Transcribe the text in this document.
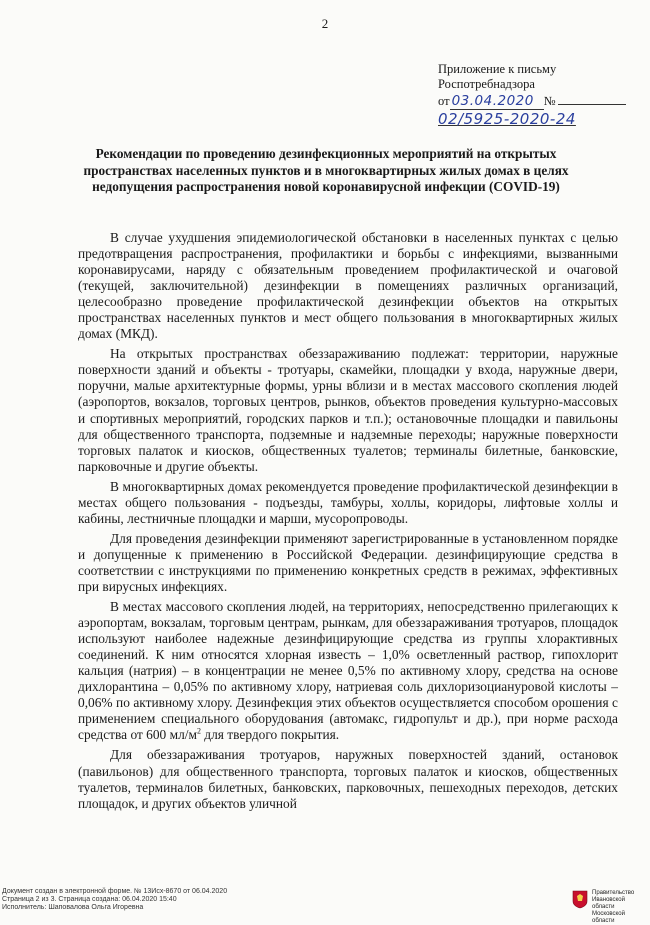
2
Приложение к письму
Роспотребнадзора
от 03.04.2020 №
02/5925-2020-24
Рекомендации по проведению дезинфекционных мероприятий на открытых пространствах населенных пунктов и в многоквартирных жилых домах в целях недопущения распространения новой коронавирусной инфекции (COVID-19)

В случае ухудшения эпидемиологической обстановки в населенных пунктах с целью предотвращения распространения, профилактики и борьбы с инфекциями, вызванными коронавирусами, наряду с обязательным проведением профилактической и очаговой (текущей, заключительной) дезинфекции в помещениях различных организаций, целесообразно проведение профилактической дезинфекции объектов на открытых пространствах населенных пунктов и мест общего пользования в многоквартирных жилых домах (МКД).

На открытых пространствах обеззараживанию подлежат: территории, наружные поверхности зданий и объекты - тротуары, скамейки, площадки у входа, наружные двери, поручни, малые архитектурные формы, урны вблизи и в местах массового скопления людей (аэропортов, вокзалов, торговых центров, рынков, объектов проведения культурно-массовых и спортивных мероприятий, городских парков и т.п.); остановочные площадки и павильоны для общественного транспорта, подземные и надземные переходы; наружные поверхности торговых палаток и киосков, общественных туалетов; терминалы билетные, банковские, парковочные и другие объекты.

В многоквартирных домах рекомендуется проведение профилактической дезинфекции в местах общего пользования - подъезды, тамбуры, холлы, коридоры, лифтовые холлы и кабины, лестничные площадки и марши, мусоропроводы.

Для проведения дезинфекции применяют зарегистрированные в установленном порядке и допущенные к применению в Российской Федерации. дезинфицирующие средства в соответствии с инструкциями по применению конкретных средств в режимах, эффективных при вирусных инфекциях.

В местах массового скопления людей, на территориях, непосредственно прилегающих к аэропортам, вокзалам, торговым центрам, рынкам, для обеззараживания тротуаров, площадок используют наиболее надежные дезинфицирующие средства из группы хлорактивных соединений. К ним относятся хлорная известь – 1,0% осветленный раствор, гипохлорит кальция (натрия) – в концентрации не менее 0,5% по активному хлору, средства на основе дихлорантина – 0,05% по активному хлору, натриевая соль дихлоризоциануровой кислоты – 0,06% по активному хлору. Дезинфекция этих объектов осуществляется способом орошения с применением специального оборудования (автомакс, гидропульт и др.), при норме расхода средства от 600 $мл/м^2$ для твердого покрытия.

Для обеззараживания тротуаров, наружных поверхностей зданий, остановок (павильонов) для общественного транспорта, торговых палаток и киосков, общественных туалетов, терминалов билетных, банковских, парковочных, пешеходных переходов, детских площадок, и других объектов уличной

Документ создан в электронной форме. № 13Исх-8670 от 06.04.2020
Страница 2 из 3. Страница создана: 06.04.2020 15:40
Исполнитель: Шаповалова Ольга Игоревна
Правительство Ивановской области Московской области
